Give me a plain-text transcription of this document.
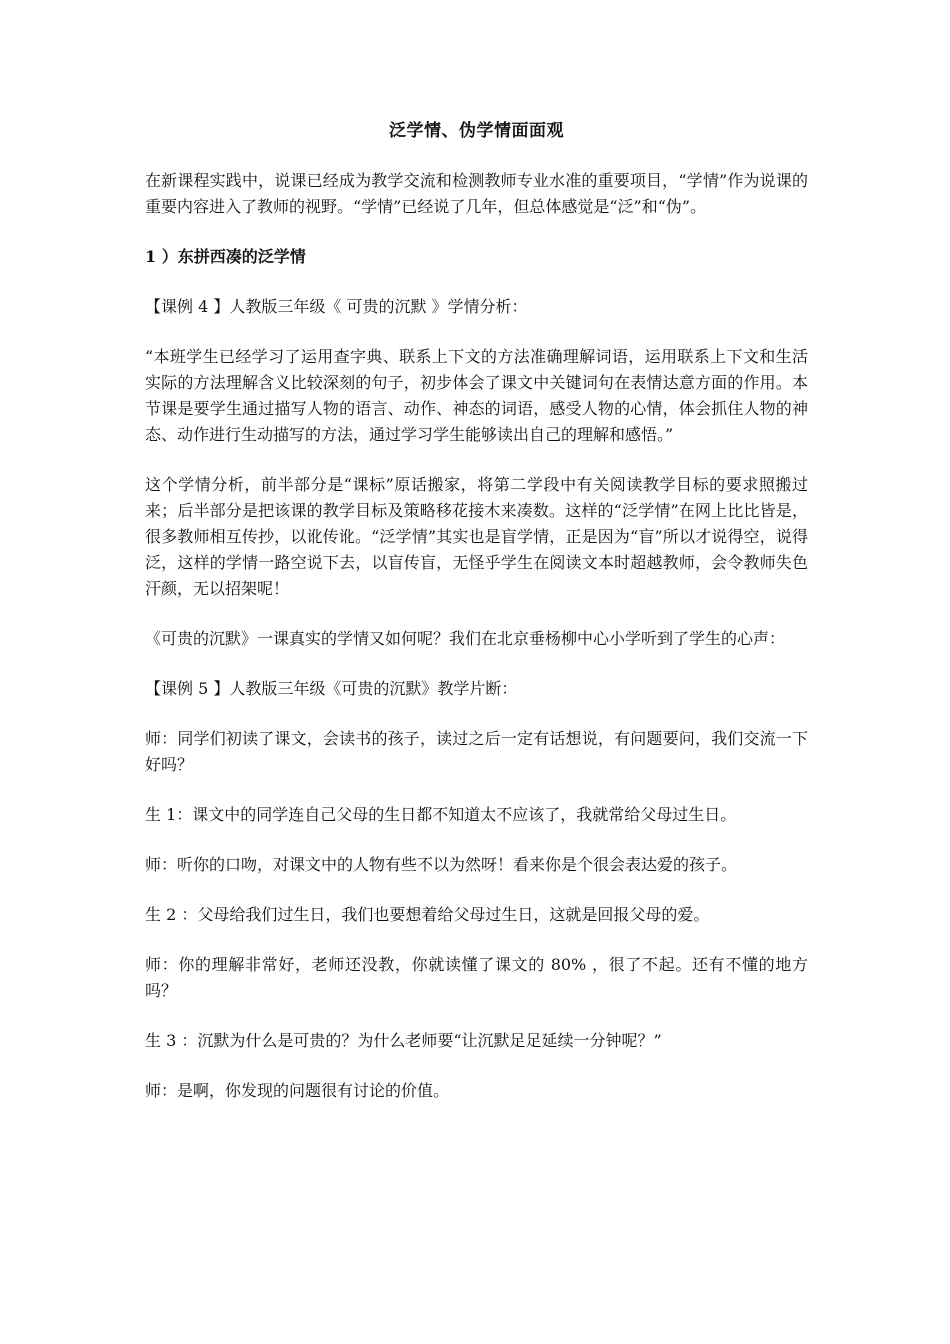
泛学情、伪学情面面观

在新课程实践中，说课已经成为教学交流和检测教师专业水准的重要项目，“学情”作为说课的重要内容进入了教师的视野。“学情”已经说了几年，但总体感觉是“泛”和“伪”。

1 ）东拼西凑的泛学情

【课例 4 】人教版三年级《 可贵的沉默 》学情分析：

“本班学生已经学习了运用查字典、联系上下文的方法准确理解词语，运用联系上下文和生活实际的方法理解含义比较深刻的句子，初步体会了课文中关键词句在表情达意方面的作用。本节课是要学生通过描写人物的语言、动作、神态的词语，感受人物的心情，体会抓住人物的神态、动作进行生动描写的方法，通过学习学生能够读出自己的理解和感悟。”

这个学情分析，前半部分是“课标”原话搬家，将第二学段中有关阅读教学目标的要求照搬过来；后半部分是把该课的教学目标及策略移花接木来凑数。这样的“泛学情”在网上比比皆是，很多教师相互传抄，以讹传讹。“泛学情”其实也是盲学情，正是因为“盲”所以才说得空，说得泛，这样的学情一路空说下去，以盲传盲，无怪乎学生在阅读文本时超越教师，会令教师失色汗颜，无以招架呢！

《可贵的沉默》一课真实的学情又如何呢？我们在北京垂杨柳中心小学听到了学生的心声：

【课例 5 】人教版三年级《可贵的沉默》教学片断：

师：同学们初读了课文，会读书的孩子，读过之后一定有话想说，有问题要问，我们交流一下好吗？

生 1：课文中的同学连自己父母的生日都不知道太不应该了，我就常给父母过生日。

师：听你的口吻，对课文中的人物有些不以为然呀！看来你是个很会表达爱的孩子。

生 2 ：父母给我们过生日，我们也要想着给父母过生日，这就是回报父母的爱。

师：你的理解非常好，老师还没教，你就读懂了课文的 80% ，很了不起。还有不懂的地方吗？

生 3 ：沉默为什么是可贵的？为什么老师要“让沉默足足延续一分钟呢？”

师：是啊，你发现的问题很有讨论的价值。
